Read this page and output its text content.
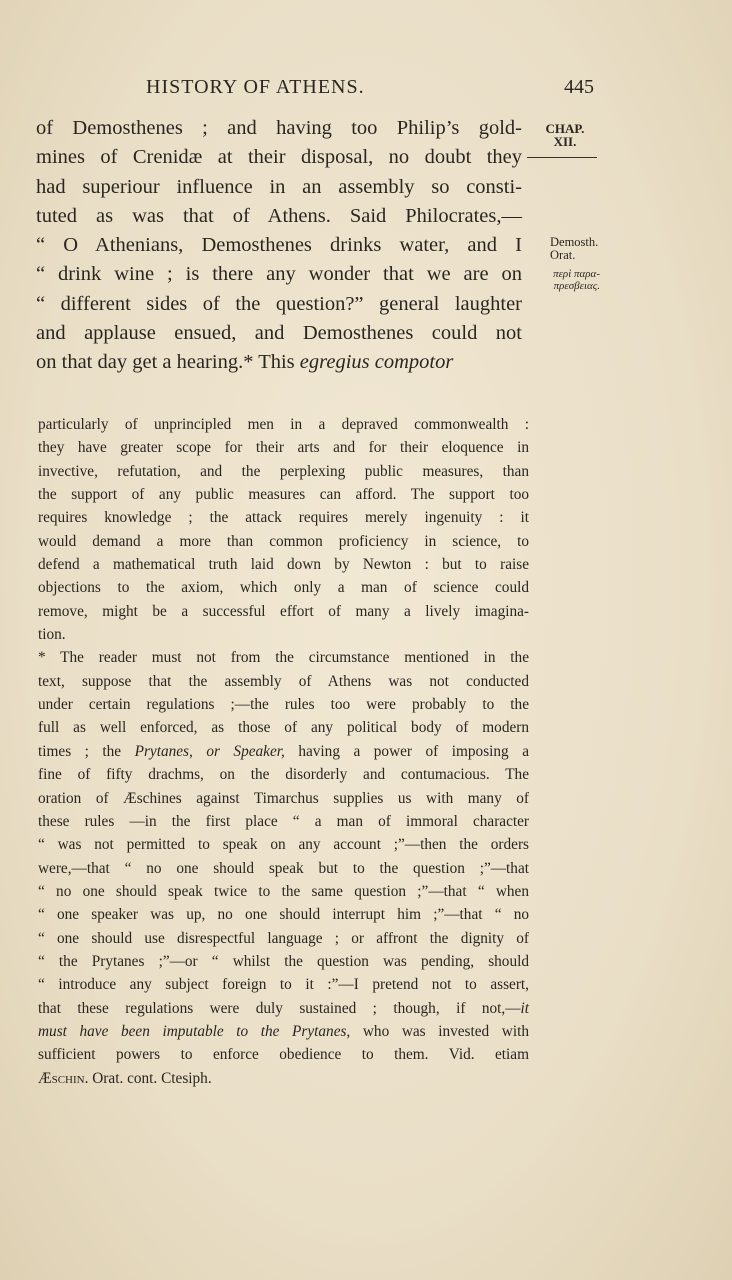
HISTORY OF ATHENS.	445
CHAP.
XII.
Demosth.
Orat.
περὶ παρα-
πρεσβειας.
of Demosthenes ; and having too Philip’s gold-
mines of Crenidæ at their disposal, no doubt they
had superiour influence in an assembly so consti-
tuted as was that of Athens. Said Philocrates,—
“ O Athenians, Demosthenes drinks water, and I
“ drink wine ; is there any wonder that we are on
“ different sides of the question?” general laughter
and applause ensued, and Demosthenes could not
on that day get a hearing.* This egregius compotor
particularly of unprincipled men in a depraved commonwealth :
they have greater scope for their arts and for their eloquence in
invective, refutation, and the perplexing public measures, than
the support of any public measures can afford. The support too
requires knowledge ; the attack requires merely ingenuity : it
would demand a more than common proficiency in science, to
defend a mathematical truth laid down by Newton : but to raise
objections to the axiom, which only a man of science could
remove, might be a successful effort of many a lively imagina-
tion.
* The reader must not from the circumstance mentioned in the
text, suppose that the assembly of Athens was not conducted
under certain regulations ;—the rules too were probably to the
full as well enforced, as those of any political body of modern
times ; the Prytanes, or Speaker, having a power of imposing a
fine of fifty drachms, on the disorderly and contumacious. The
oration of Æschines against Timarchus supplies us with many of
these rules —in the first place “ a man of immoral character
“ was not permitted to speak on any account ;”—then the orders
were,—that “ no one should speak but to the question ;”—that
“ no one should speak twice to the same question ;”—that “ when
“ one speaker was up, no one should interrupt him ;”—that “ no
“ one should use disrespectful language ; or affront the dignity of
“ the Prytanes ;”—or “ whilst the question was pending, should
“ introduce any subject foreign to it :”—I pretend not to assert,
that these regulations were duly sustained ; though, if not,—it
must have been imputable to the Prytanes, who was invested with
sufficient powers to enforce obedience to them. Vid. etiam
Æschin. Orat. cont. Ctesiph.
